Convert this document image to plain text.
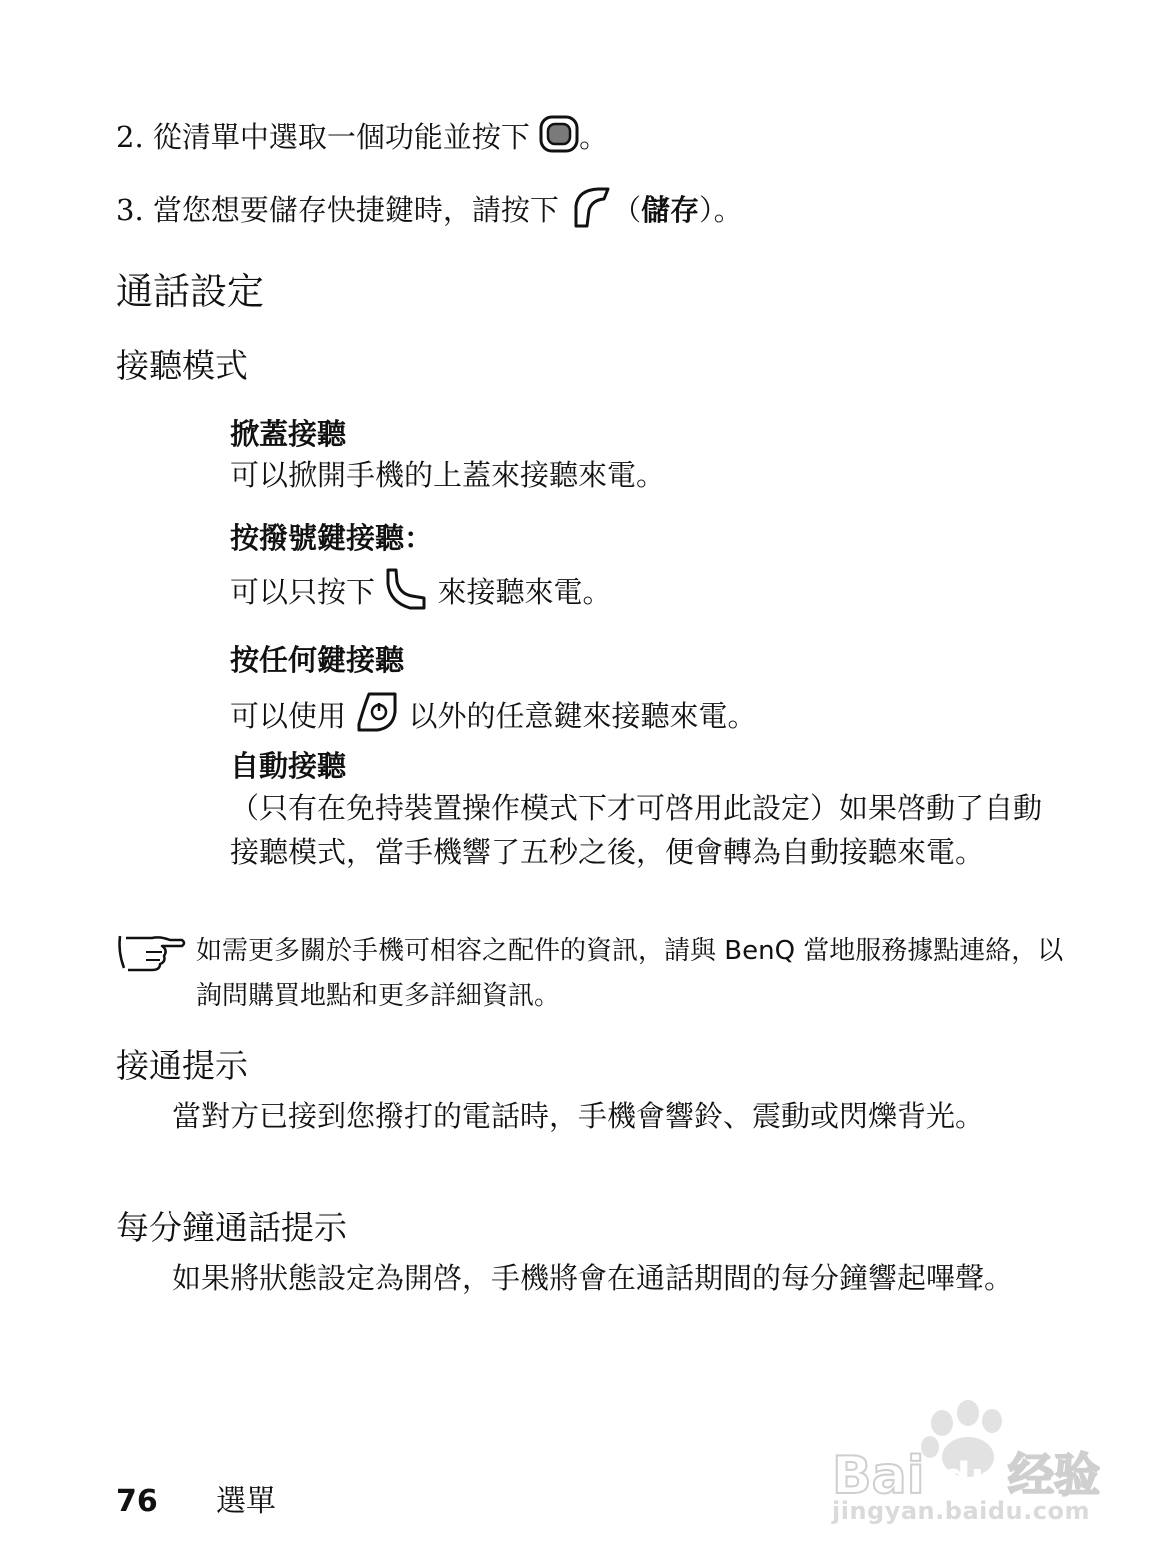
2. 從清單中選取一個功能並按下 。
3. 當您想要儲存快捷鍵時，請按下 （儲存）。
通話設定
接聽模式
掀蓋接聽
可以掀開手機的上蓋來接聽來電。
按撥號鍵接聽：
可以只按下 來接聽來電。
按任何鍵接聽
可以使用 以外的任意鍵來接聽來電。
自動接聽
（只有在免持裝置操作模式下才可啓用此設定）如果啓動了自動接聽模式，當手機響了五秒之後，便會轉為自動接聽來電。
如需更多關於手機可相容之配件的資訊，請與 BenQ 當地服務據點連絡，以詢問購買地點和更多詳細資訊。
接通提示
當對方已接到您撥打的電話時，手機會響鈴、震動或閃爍背光。
每分鐘通話提示
如果將狀態設定為開啓，手機將會在通話期間的每分鐘響起嗶聲。
76 選單	Bai du 经验
jingyan.baidu.com
